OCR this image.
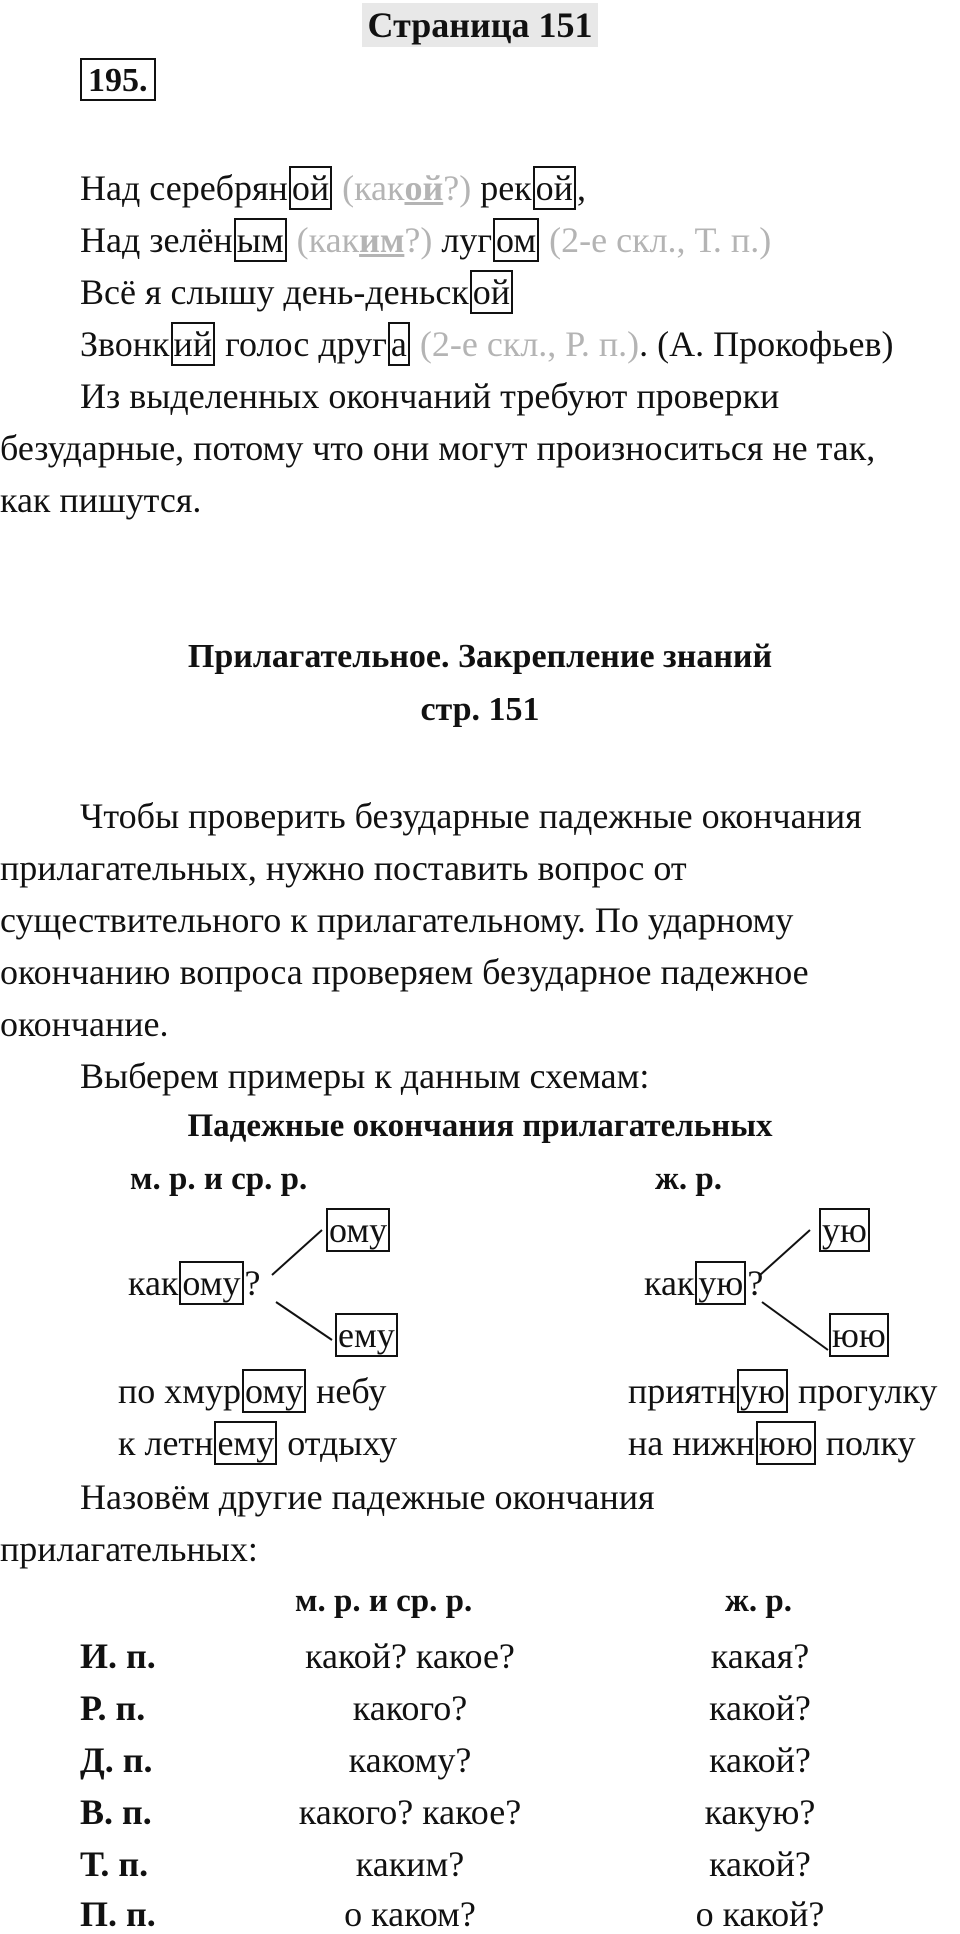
Страница 151
195.
Над серебрян ой (какой?) рек ой ,
Над зелён ым (каким?) луг ом (2-е скл., Т. п.)
Всё я слышу день-деньск ой
Звонк ий голос друг а (2-е скл., Р. п.). (А. Прокофьев)
Из выделенных окончаний требуют проверки
безударные, потому что они могут произноситься не так,
как пишутся.
Прилагательное. Закрепление знаний
стр. 151
Чтобы проверить безударные падежные окончания
прилагательных, нужно поставить вопрос от
существительного к прилагательному. По ударному
окончанию вопроса проверяем безударное падежное
окончание.
Выберем примеры к данным схемам:
Падежные окончания прилагательных
м. р. и ср. р.	ж. р.
ому
как ому ?
ему
ую
как ую ?
юю
по хмур ому небу
к летн ему отдыху
приятн ую прогулку
на нижн юю полку
Назовём другие падежные окончания
прилагательных:
м. р. и ср. р.	ж. р.
И. п.	какой? какое?	какая?
Р. п.	какого?	какой?
Д. п.	какому?	какой?
В. п.	какого? какое?	какую?
Т. п.	каким?	какой?
П. п.	о каком?	о какой?
